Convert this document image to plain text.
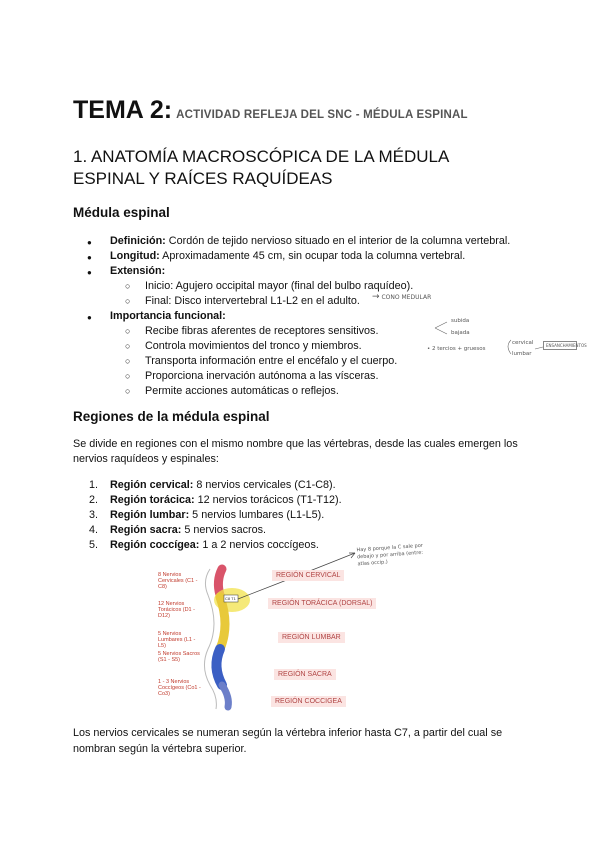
TEMA 2: ACTIVIDAD REFLEJA DEL SNC - MÉDULA ESPINAL
1. ANATOMÍA MACROSCÓPICA DE LA MÉDULA ESPINAL Y RAÍCES RAQUÍDEAS
Médula espinal
● Definición: Cordón de tejido nervioso situado en el interior de la columna vertebral.
● Longitud: Aproximadamente 45 cm, sin ocupar toda la columna vertebral.
● Extensión:
○ Inicio: Agujero occipital mayor (final del bulbo raquídeo).
○ Final: Disco intervertebral L1-L2 en el adulto.
● Importancia funcional:
○ Recibe fibras aferentes de receptores sensitivos.
○ Controla movimientos del tronco y miembros.
○ Transporta información entre el encéfalo y el cuerpo.
○ Proporciona inervación autónoma a las vísceras.
○ Permite acciones automáticas o reflejos.
→ CONO MEDULAR
subida
bajada
• 2 tercios + gruesos
cervical
lumbar
ENSANCHAMIENTOS
Regiones de la médula espinal
Se divide en regiones con el mismo nombre que las vértebras, desde las cuales emergen los nervios raquídeos y espinales:
1. Región cervical: 8 nervios cervicales (C1-C8).
2. Región torácica: 12 nervios torácicos (T1-T12).
3. Región lumbar: 5 nervios lumbares (L1-L5).
4. Región sacra: 5 nervios sacros.
5. Región coccígea: 1 a 2 nervios coccígeos.
C8 T1
8 Nervios Cervicales (C1 - C8)
12 Nervios Torácicos (D1 - D12)
5 Nervios Lumbares (L1 - L5)
5 Nervios Sacros (S1 - S5)
1 - 3 Nervios Coccígeos (Co1 - Co3)
REGIÓN CERVICAL
REGIÓN TORÁCICA (DORSAL)
REGIÓN LUMBAR
REGIÓN SACRA
REGIÓN COCCIGEA
Hay 8 porque la C sale por debajo y por arriba (entre: atlas occip.)
Los nervios cervicales se numeran según la vértebra inferior hasta C7, a partir del cual se nombran según la vértebra superior.
